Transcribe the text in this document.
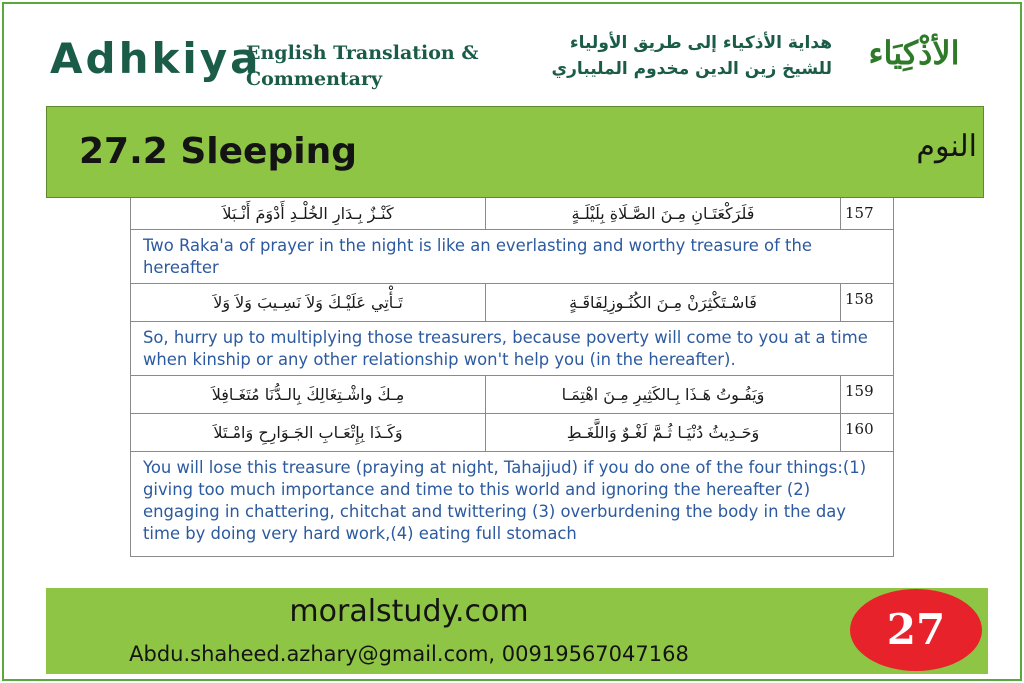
Adhkiya
English Translation &
Commentary
هداية الأذكياء إلى طريق الأولياء
للشيخ زين الدين مخدوم المليباري	الأذْكِيَاء
27.2 Sleeping	النوم
كَنْـزٌ بِـدَارِ الخُلْـدِ أَدْوَمَ أَنْـبَلاَ	فَلَرَكْعَتَـانِ مِـنَ الصَّـلَاةِ بِلَيْلَـةٍ	157
Two Raka'a of prayer in the night is like an everlasting and worthy treasure of the hereafter
تَـأْتِي عَلَيْـكَ وَلاَ نَسِـيبَ وَلاَ وَلاَ	فَاسْـتَكْثِرَنْ مِـنَ الكُنُـوزِلِفَاقَـةٍ	158
So, hurry up to multiplying those treasurers, because poverty will come to you at a time when kinship or any other relationship won't help you (in the hereafter).
مِـكَ واشْـتِغَالِكَ بِالـدُّنَا مُتَغَـافِلاَ	وَيَفُـوتُ هَـذَا بِـالكَثِيرِ مِـنَ اهْتِمَـا	159
وَكَـذَا بِإِتْعَـابِ الجَـوَارِحِ وَامْـتَلاَ	وَحَـدِيثُ دُنْيَـا ثُـمَّ لَغْـوٌ وَاللَّغَـطِ	160
You will lose this treasure (praying at night, Tahajjud) if you do one of the four things:(1) giving too much importance and time to this world and ignoring the hereafter (2) engaging in chattering, chitchat and twittering (3) overburdening the body in the day time by doing very hard work,(4) eating full stomach
moralstudy.com
Abdu.shaheed.azhary@gmail.com, 00919567047168	27
